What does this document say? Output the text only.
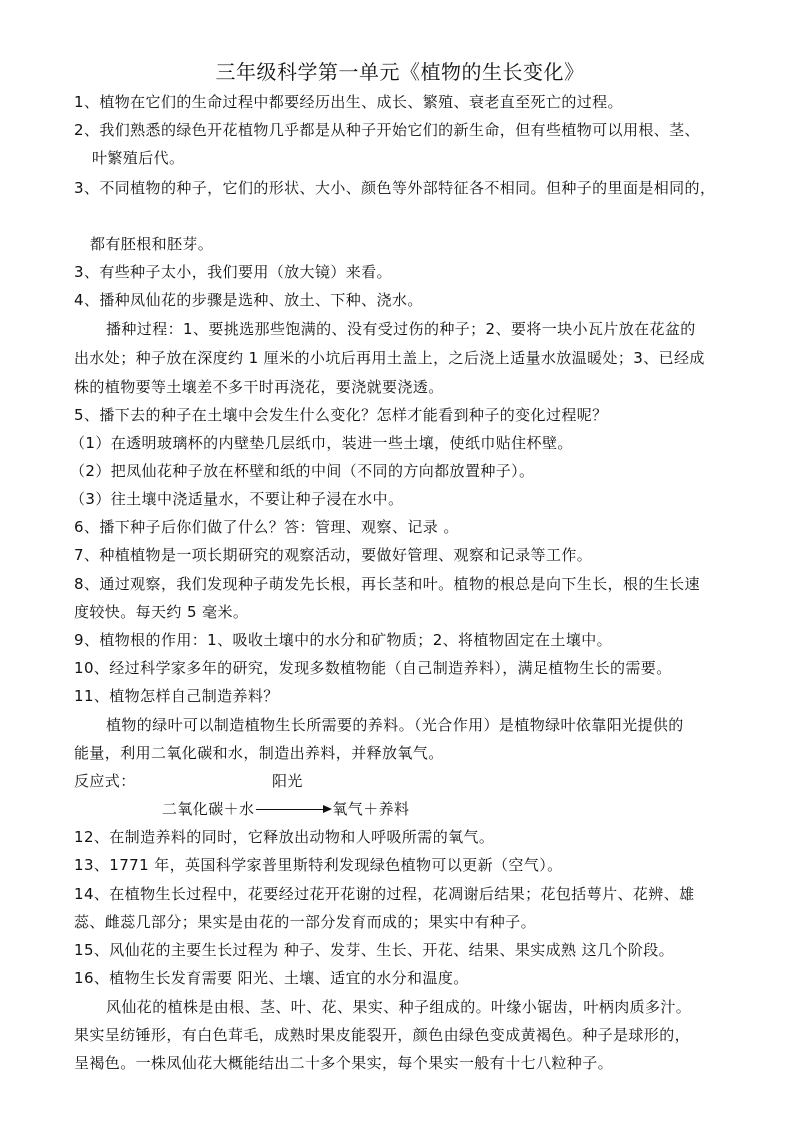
三年级科学第一单元《植物的生长变化》
1、植物在它们的生命过程中都要经历出生、成长、繁殖、衰老直至死亡的过程。
2、我们熟悉的绿色开花植物几乎都是从种子开始它们的新生命，但有些植物可以用根、茎、
叶繁殖后代。
3、不同植物的种子，它们的形状、大小、颜色等外部特征各不相同。但种子的里面是相同的，
都有胚根和胚芽。
3、有些种子太小，我们要用（放大镜）来看。
4、播种凤仙花的步骤是选种、放土、下种、浇水。
播种过程：1、要挑选那些饱满的、没有受过伤的种子；2、要将一块小瓦片放在花盆的
出水处；种子放在深度约 1 厘米的小坑后再用土盖上，之后浇上适量水放温暖处；3、已经成
株的植物要等土壤差不多干时再浇花，要浇就要浇透。
5、播下去的种子在土壤中会发生什么变化？怎样才能看到种子的变化过程呢？
（1）在透明玻璃杯的内壁垫几层纸巾，装进一些土壤，使纸巾贴住杯壁。
（2）把凤仙花种子放在杯壁和纸的中间（不同的方向都放置种子）。
（3）往土壤中浇适量水，不要让种子浸在水中。
6、播下种子后你们做了什么？答：管理、观察、记录 。
7、种植植物是一项长期研究的观察活动，要做好管理、观察和记录等工作。
8、通过观察，我们发现种子萌发先长根，再长茎和叶。植物的根总是向下生长，根的生长速
度较快。每天约 5 毫米。
9、植物根的作用：1、吸收土壤中的水分和矿物质；2、将植物固定在土壤中。
10、经过科学家多年的研究，发现多数植物能（自己制造养料），满足植物生长的需要。
11、植物怎样自己制造养料？
植物的绿叶可以制造植物生长所需要的养料。（光合作用）是植物绿叶依靠阳光提供的
能量，利用二氧化碳和水，制造出养料，并释放氧气。
反应式：	阳光
二氧化碳＋水	氧气＋养料
12、在制造养料的同时，它释放出动物和人呼吸所需的氧气。
13、1771 年，英国科学家普里斯特利发现绿色植物可以更新（空气）。
14、在植物生长过程中，花要经过花开花谢的过程，花凋谢后结果；花包括萼片、花辨、雄
蕊、雌蕊几部分；果实是由花的一部分发育而成的；果实中有种子。
15、风仙花的主要生长过程为 种子、发芽、生长、开花、结果、果实成熟 这几个阶段。
16、植物生长发育需要 阳光、土壤、适宜的水分和温度。
风仙花的植株是由根、茎、叶、花、果实、种子组成的。叶缘小锯齿，叶柄肉质多汁。
果实呈纺锤形，有白色茸毛，成熟时果皮能裂开，颜色由绿色变成黄褐色。种子是球形的，
呈褐色。一株凤仙花大概能结出二十多个果实，每个果实一般有十七八粒种子。
